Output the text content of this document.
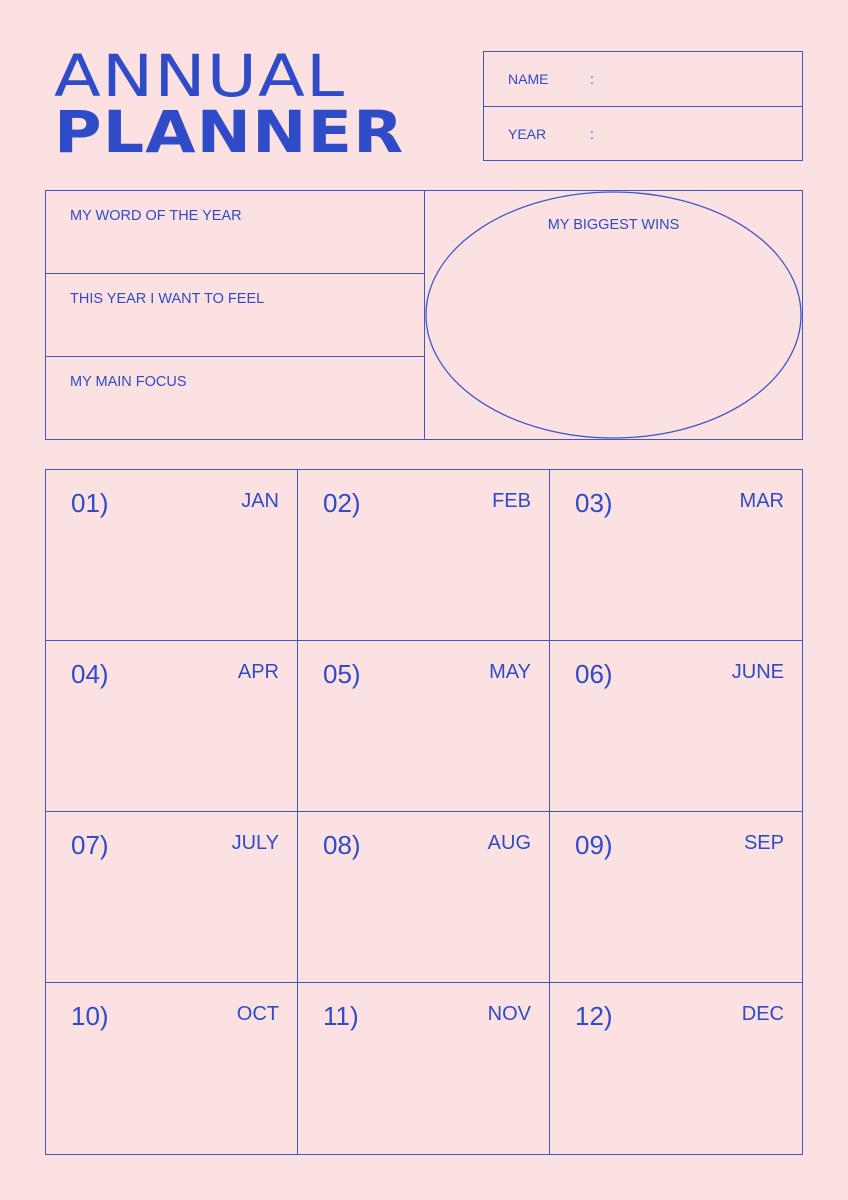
ANNUAL
PLANNER
NAME	:
YEAR	:
MY WORD OF THE YEAR
THIS YEAR I WANT TO FEEL
MY MAIN FOCUS
MY BIGGEST WINS
01)	JAN 02)	FEB 03)	MAR
04)	APR 05)	MAY 06)	JUNE
07)	JULY 08)	AUG 09)	SEP
10)	OCT 11)	NOV 12)	DEC
